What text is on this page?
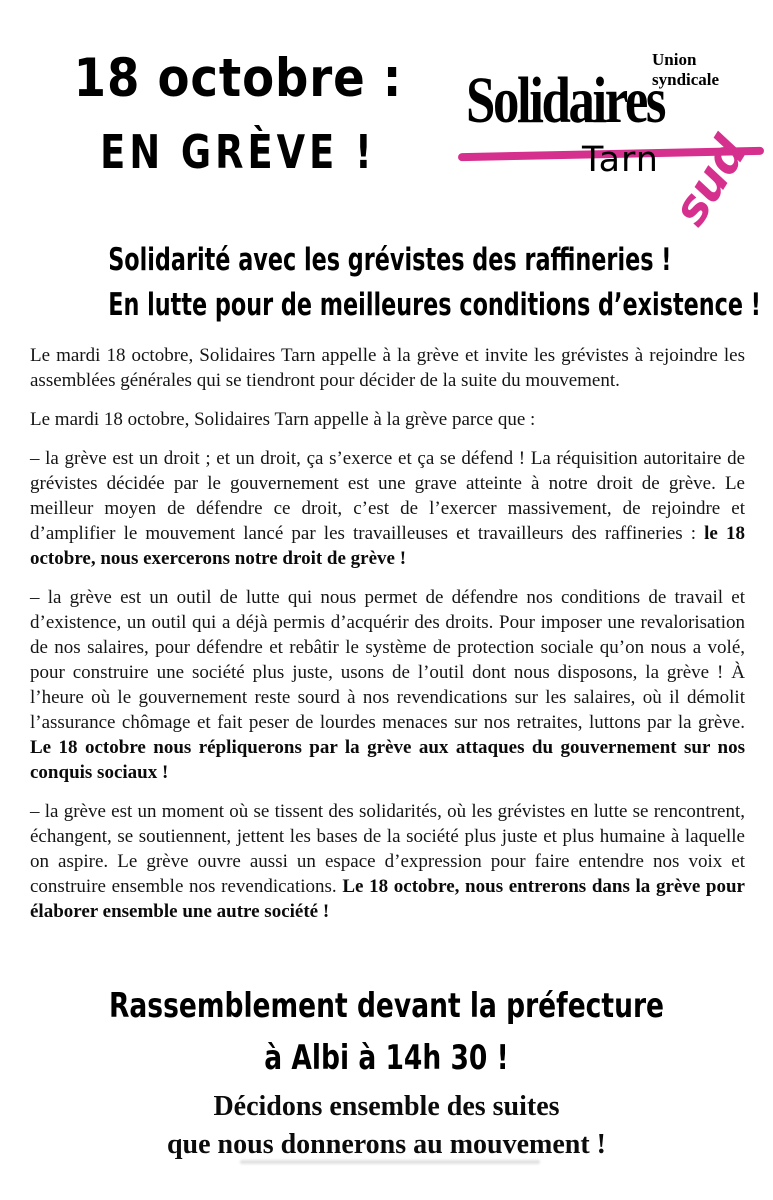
18 octobre :
EN GRÈVE !
Union
syndicale
Solidaires
Tarn sud
Solidarité avec les grévistes des raffineries !
En lutte pour de meilleures conditions d’existence !

Le mardi 18 octobre, Solidaires Tarn appelle à la grève et invite les grévistes à rejoindre les assemblées générales qui se tiendront pour décider de la suite du mouvement.

Le mardi 18 octobre, Solidaires Tarn appelle à la grève parce que :

– la grève est un droit ; et un droit, ça s’exerce et ça se défend ! La réquisition autoritaire de grévistes décidée par le gouvernement est une grave atteinte à notre droit de grève. Le meilleur moyen de défendre ce droit, c’est de l’exercer massivement, de rejoindre et d’amplifier le mouvement lancé par les travailleuses et travailleurs des raffineries : le 18 octobre, nous exercerons notre droit de grève !

– la grève est un outil de lutte qui nous permet de défendre nos conditions de travail et d’existence, un outil qui a déjà permis d’acquérir des droits. Pour imposer une revalorisation de nos salaires, pour défendre et rebâtir le système de protection sociale qu’on nous a volé, pour construire une société plus juste, usons de l’outil dont nous disposons, la grève ! À l’heure où le gouvernement reste sourd à nos revendications sur les salaires, où il démolit l’assurance chômage et fait peser de lourdes menaces sur nos retraites, luttons par la grève. Le 18 octobre nous répliquerons par la grève aux attaques du gouvernement sur nos conquis sociaux !

– la grève est un moment où se tissent des solidarités, où les grévistes en lutte se rencontrent, échangent, se soutiennent, jettent les bases de la société plus juste et plus humaine à laquelle on aspire. Le grève ouvre aussi un espace d’expression pour faire entendre nos voix et construire ensemble nos revendications. Le 18 octobre, nous entrerons dans la grève pour élaborer ensemble une autre société !

Rassemblement devant la préfecture
à Albi à 14h 30 !
Décidons ensemble des suites
que nous donnerons au mouvement !
